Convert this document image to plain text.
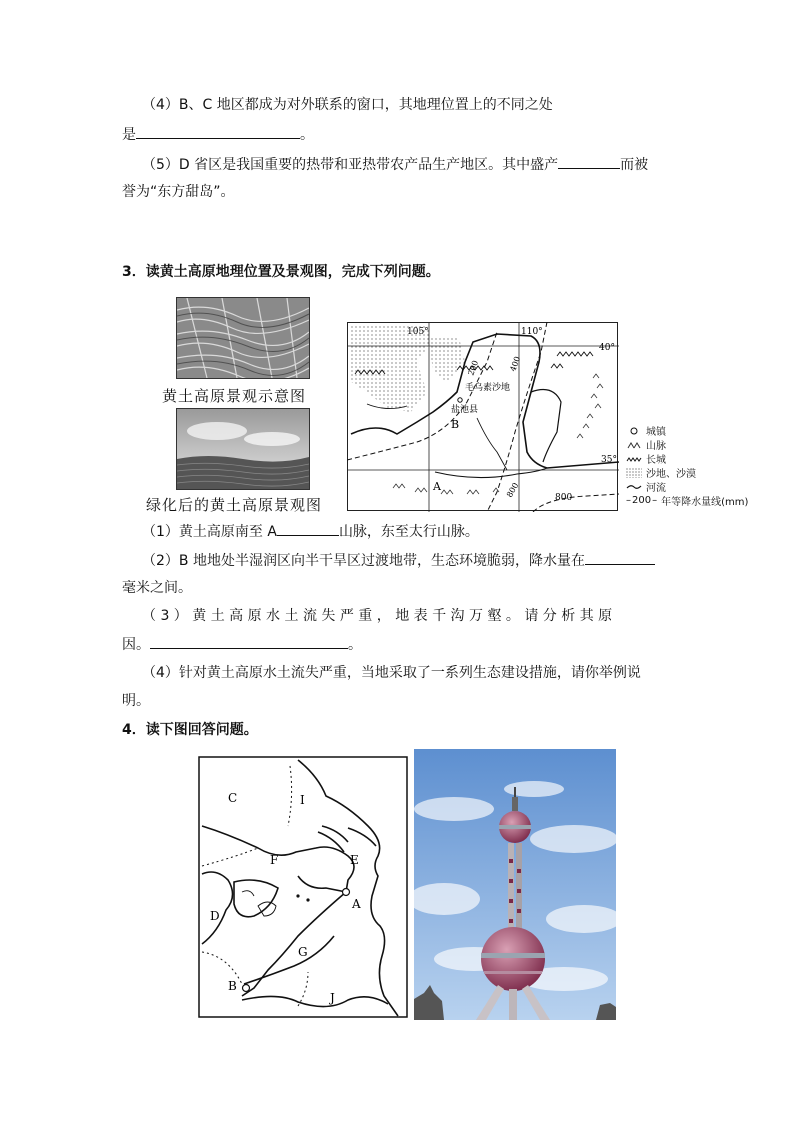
（4）B、C 地区都成为对外联系的窗口，其地理位置上的不同之处
是	。
（5）D 省区是我国重要的热带和亚热带农产品生产地区。其中盛产	而被
誉为“东方甜岛”。
3．读黄土高原地理位置及景观图，完成下列问题。
黄土高原景观示意图
绿化后的黄土高原景观图
105°	110°
40°
35°
200	400
800	800
毛乌素沙地
盐池县
B
A
城镇
山脉
长城
沙地、沙漠
河流
– 200 – 年等降水量线(mm)
（1）黄土高原南至 A	山脉，东至太行山脉。
（2）B 地地处半湿润区向半干旱区过渡地带，生态环境脆弱，降水量在
毫米之间。
（ 3 ） 黄 土 高 原 水 土 流 失 严 重 ， 地 表 千 沟 万 壑 。 请 分 析 其 原
因。	。
（4）针对黄土高原水土流失严重，当地采取了一系列生态建设措施，请你举例说
明。
4．读下图回答问题。
C	I
F	E
A
D
G
B
J
